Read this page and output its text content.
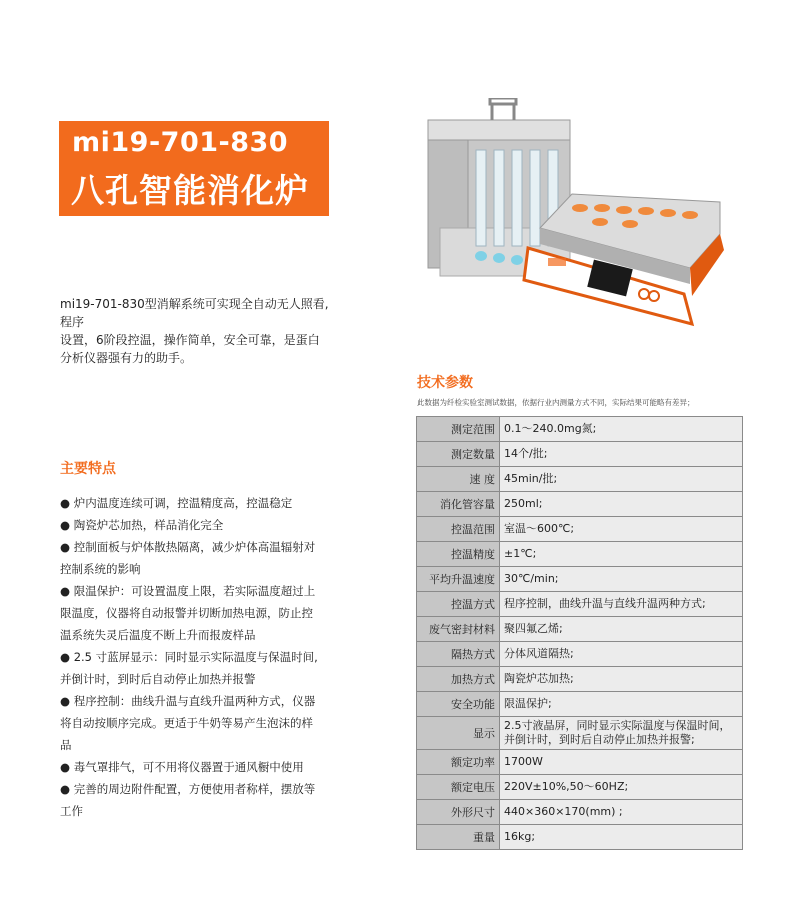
mi19-701-830
八孔智能消化炉
mi19-701-830型消解系统可实现全自动无人照看,
程序
设置，6阶段控温，操作简单，安全可靠，是蛋白
分析仪器强有力的助手。
主要特点
● 炉内温度连续可调，控温精度高，控温稳定
● 陶瓷炉芯加热，样品消化完全
● 控制面板与炉体散热隔离，减少炉体高温辐射对
控制系统的影响
● 限温保护：可设置温度上限，若实际温度超过上
限温度，仪器将自动报警并切断加热电源，防止控
温系统失灵后温度不断上升而报废样品
● 2.5 寸蓝屏显示：同时显示实际温度与保温时间,
并倒计时，到时后自动停止加热并报警
● 程序控制：曲线升温与直线升温两种方式，仪器
将自动按顺序完成。更适于牛奶等易产生泡沫的样
品
● 毒气罩排气，可不用将仪器置于通风橱中使用
● 完善的周边附件配置，方便使用者称样，摆放等
工作
技术参数
此数据为纤检实验室测试数据，依据行业内测量方式不同，实际结果可能略有差异；
测定范围	0.1～240.0mg氮;
测定数量	14个/批;
速 度	45min/批;
消化管容量	250ml;
控温范围	室温～600℃;
控温精度	±1℃;
平均升温速度	30℃/min;
控温方式	程序控制，曲线升温与直线升温两种方式;
废气密封材料	聚四氟乙烯;
隔热方式	分体风道隔热;
加热方式	陶瓷炉芯加热;
安全功能	限温保护;
显示	2.5寸液晶屏，同时显示实际温度与保温时间，并倒计时，到时后自动停止加热并报警;
额定功率	1700W
额定电压	220V±10%,50～60HZ;
外形尺寸	440×360×170(mm) ;
重量	16kg;
